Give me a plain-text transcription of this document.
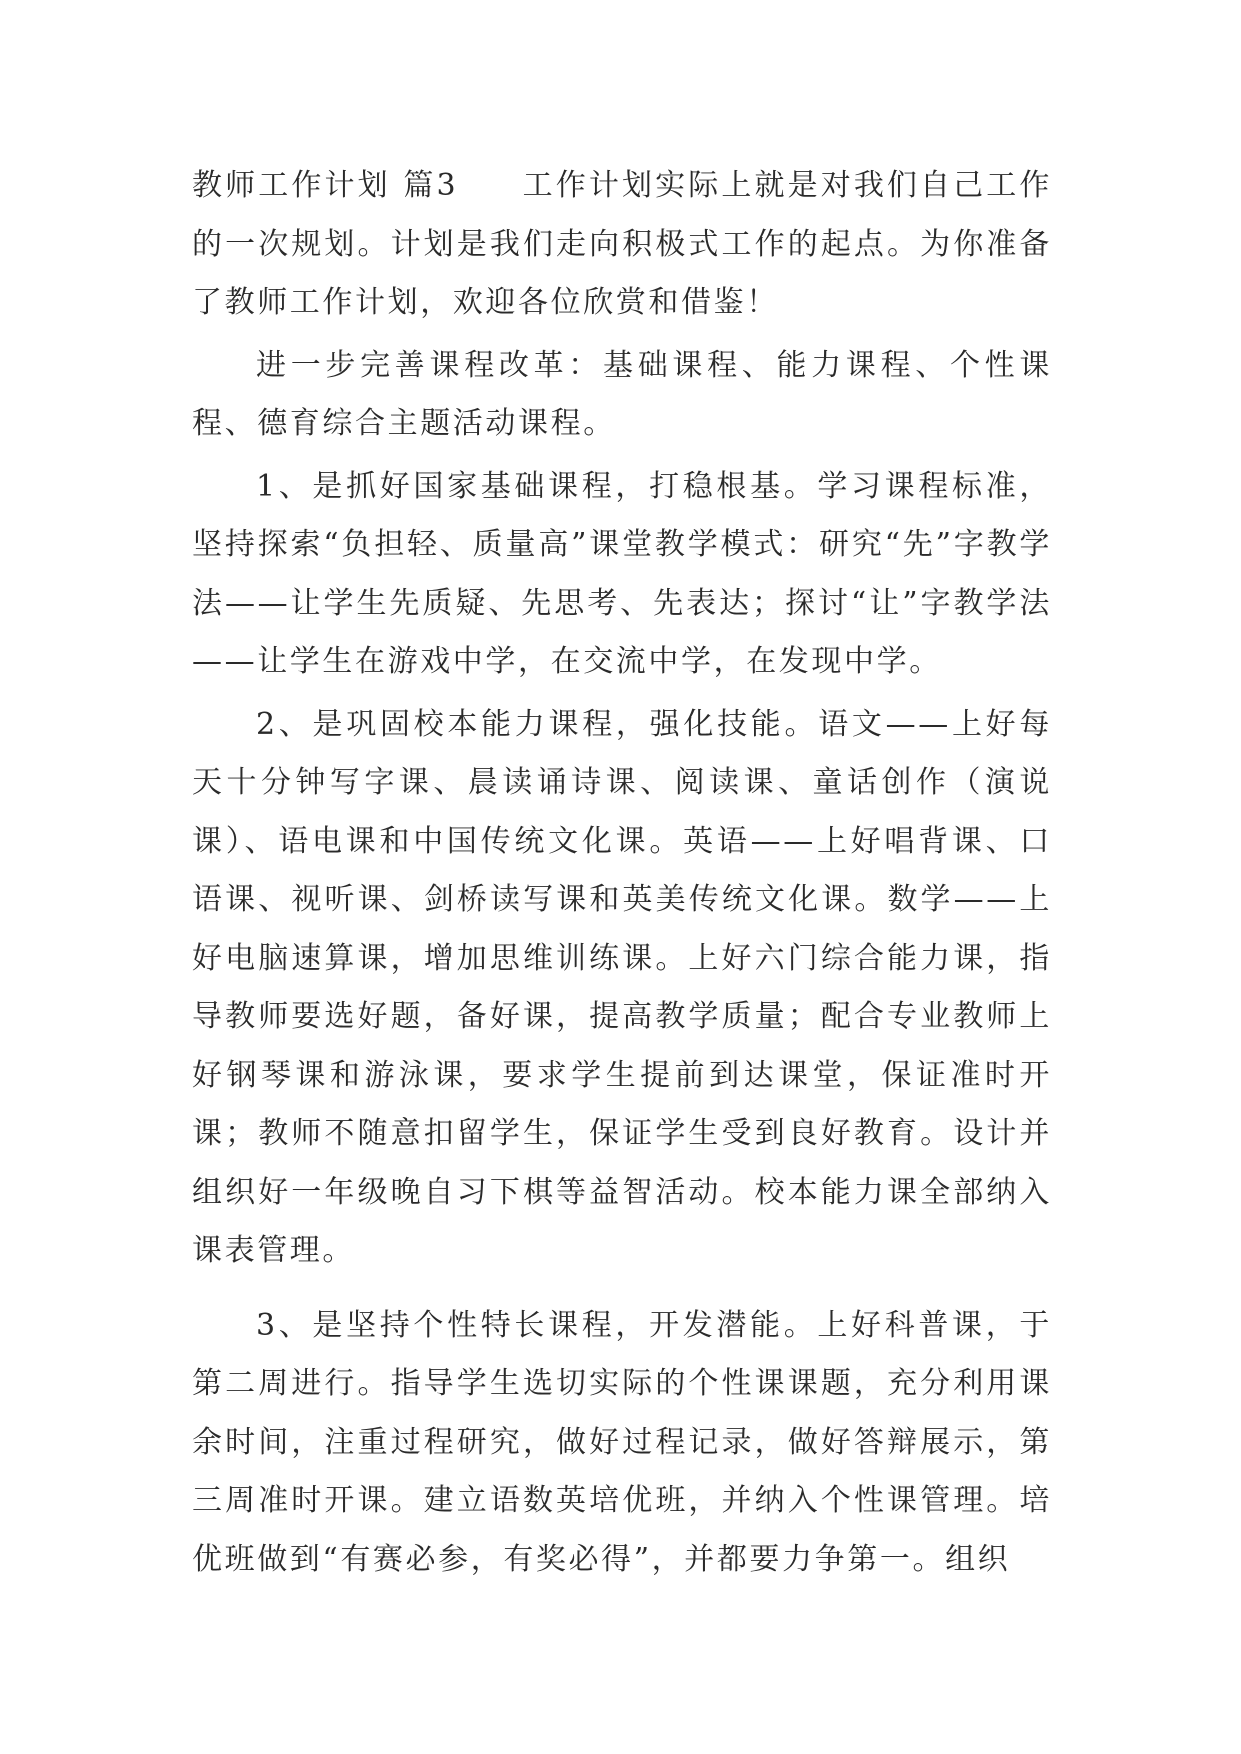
教师工作计划 篇3 工作计划实际上就是对我们自己工作的一次规划。计划是我们走向积极式工作的起点。为你准备了教师工作计划，欢迎各位欣赏和借鉴！

进一步完善课程改革：基础课程、能力课程、个性课程、德育综合主题活动课程。

1、是抓好国家基础课程，打稳根基。学习课程标准，坚持探索“负担轻、质量高”课堂教学模式：研究“先”字教学法——让学生先质疑、先思考、先表达；探讨“让”字教学法——让学生在游戏中学，在交流中学，在发现中学。

2、是巩固校本能力课程，强化技能。语文——上好每天十分钟写字课、晨读诵诗课、阅读课、童话创作（演说课）、语电课和中国传统文化课。英语——上好唱背课、口语课、视听课、剑桥读写课和英美传统文化课。数学——上好电脑速算课，增加思维训练课。上好六门综合能力课，指导教师要选好题，备好课，提高教学质量；配合专业教师上好钢琴课和游泳课，要求学生提前到达课堂，保证准时开课；教师不随意扣留学生，保证学生受到良好教育。设计并组织好一年级晚自习下棋等益智活动。校本能力课全部纳入课表管理。

3、是坚持个性特长课程，开发潜能。上好科普课，于第二周进行。指导学生选切实际的个性课课题，充分利用课余时间，注重过程研究，做好过程记录，做好答辩展示，第三周准时开课。建立语数英培优班，并纳入个性课管理。培优班做到“有赛必参，有奖必得”，并都要力争第一。组织
